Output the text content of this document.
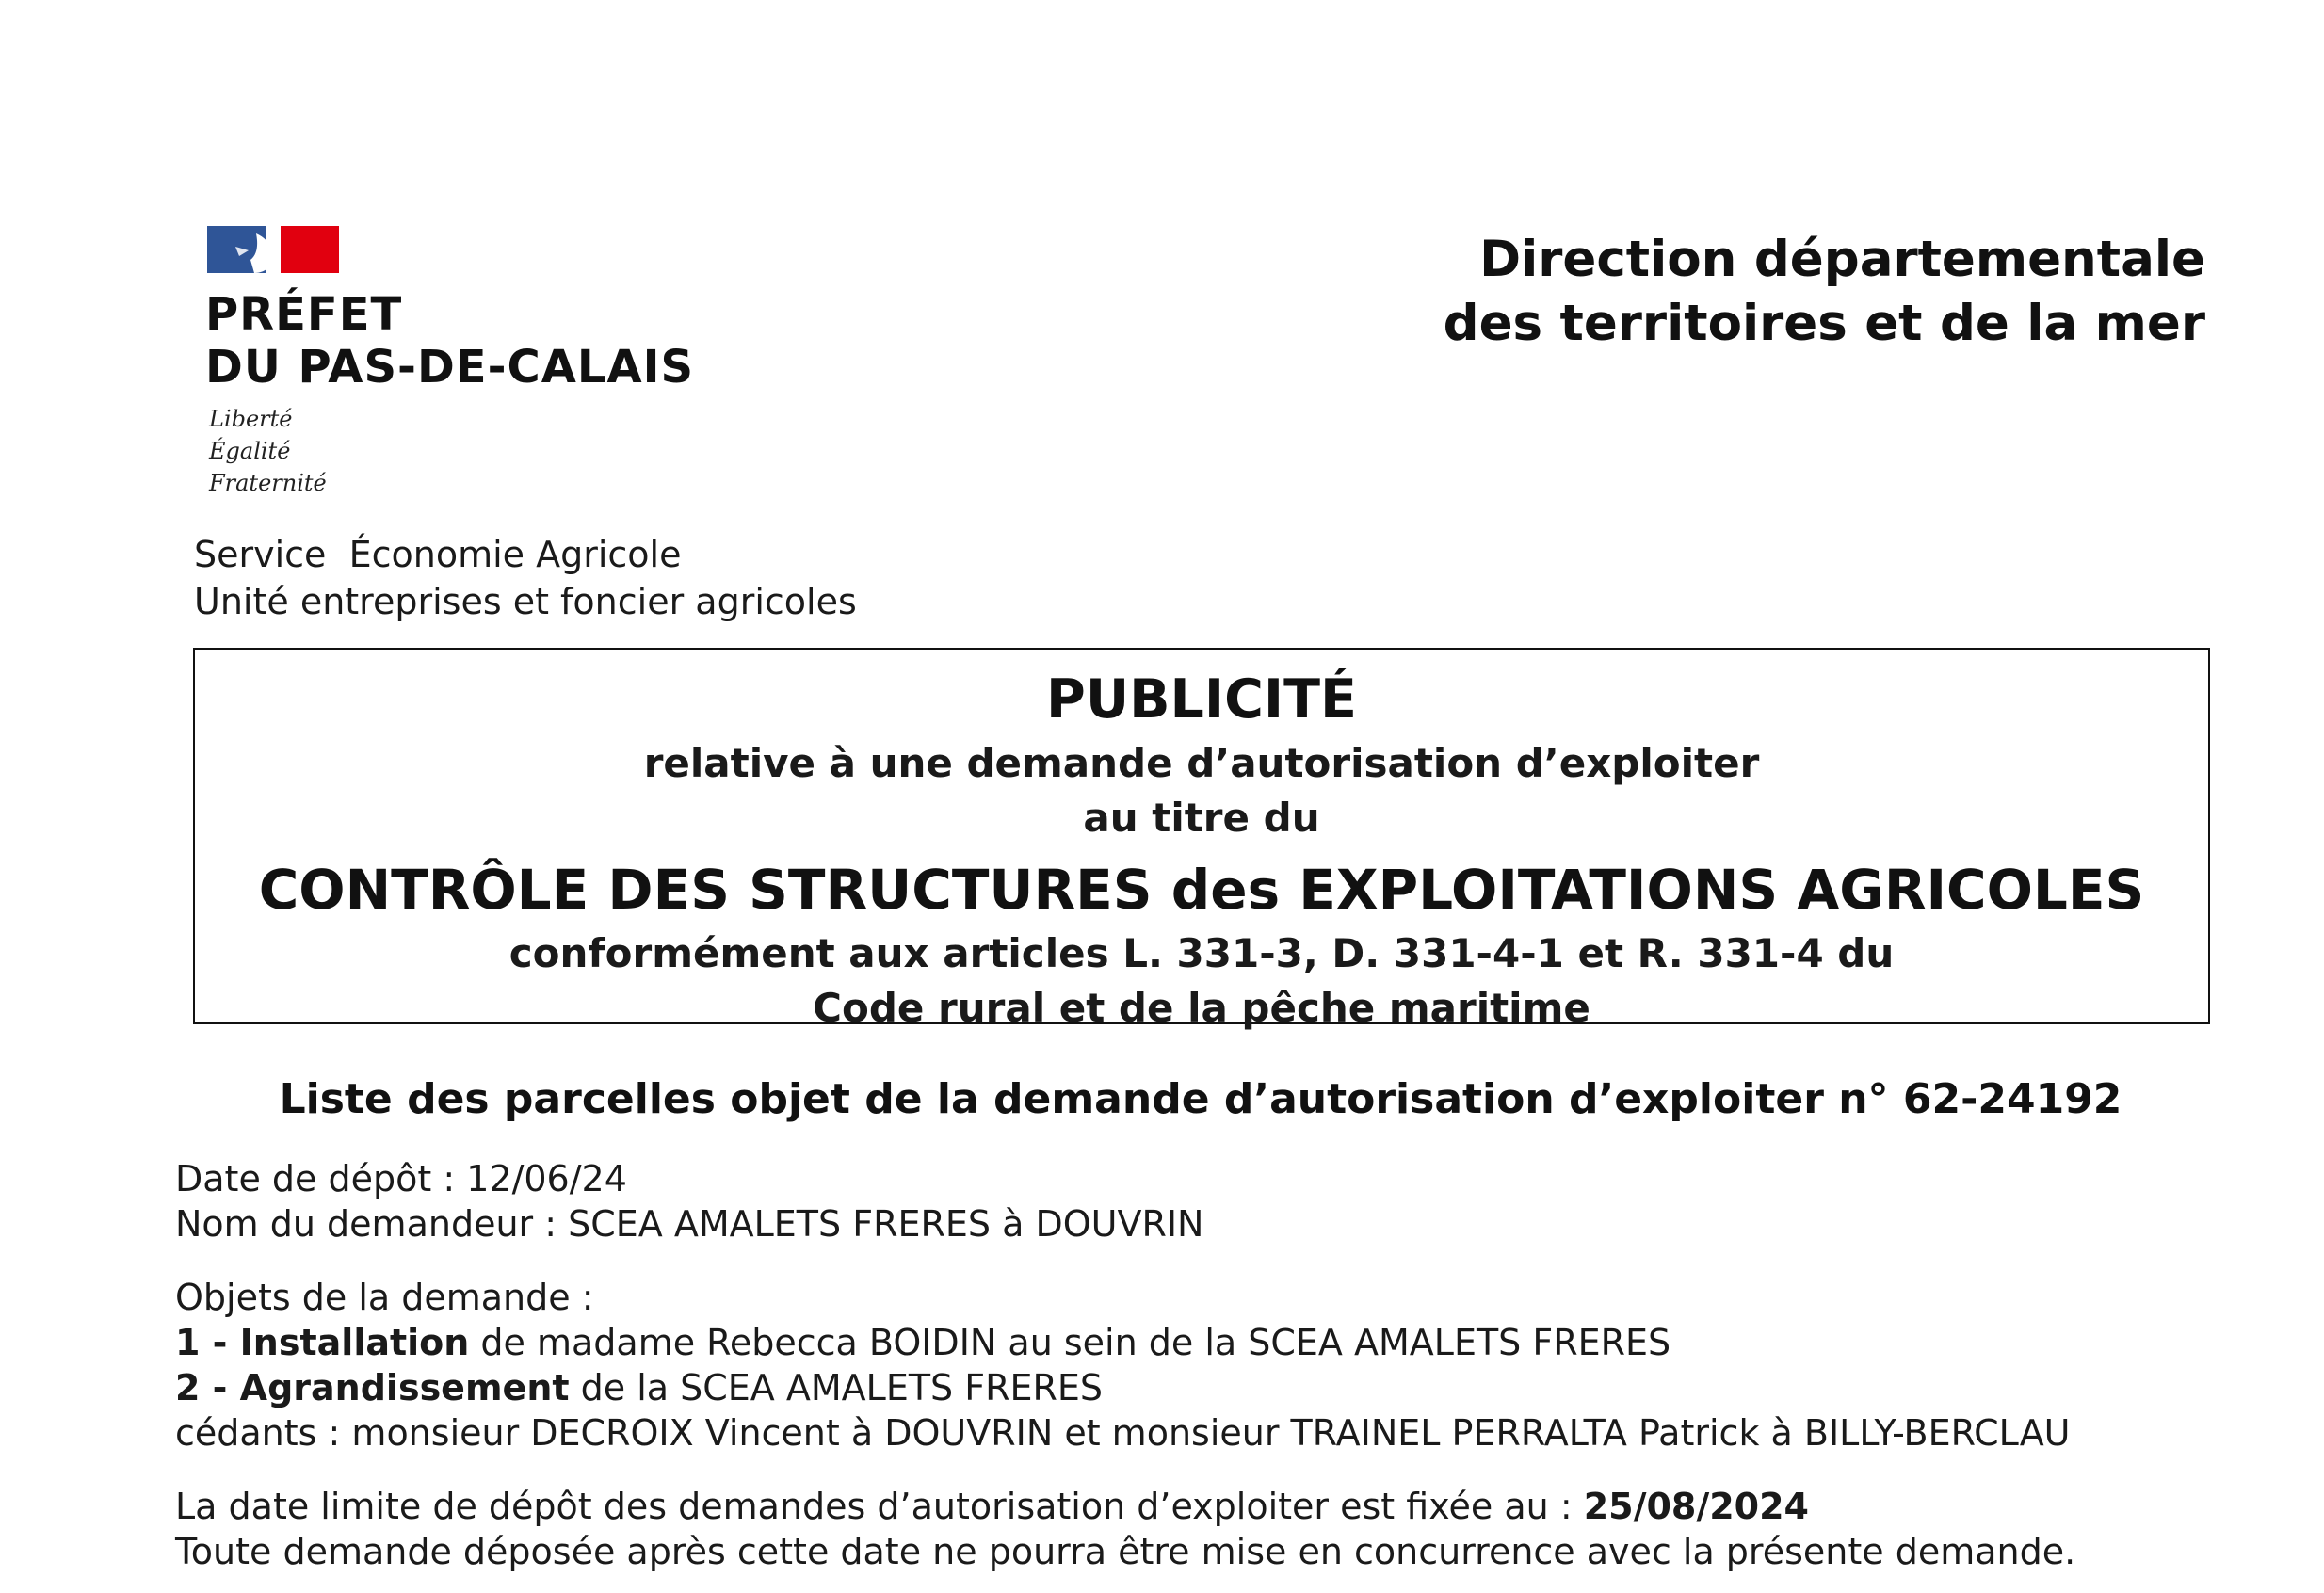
PRÉFET
DU PAS-DE-CALAIS
Liberté
Égalité
Fraternité
Direction départementale
des territoires et de la mer
Service  Économie Agricole
Unité entreprises et foncier agricoles
PUBLICITÉ
relative à une demande d’autorisation d’exploiter
au titre du
CONTRÔLE DES STRUCTURES des EXPLOITATIONS AGRICOLES
conformément aux articles L. 331-3, D. 331-4-1 et R. 331-4 du
Code rural et de la pêche maritime
Liste des parcelles objet de la demande d’autorisation d’exploiter n° 62-24192
Date de dépôt : 12/06/24
Nom du demandeur : SCEA AMALETS FRERES à DOUVRIN
Objets de la demande :
1 - Installation de madame Rebecca BOIDIN au sein de la SCEA AMALETS FRERES
2 - Agrandissement de la SCEA AMALETS FRERES
cédants : monsieur DECROIX Vincent à DOUVRIN et monsieur TRAINEL PERRALTA Patrick à BILLY-BERCLAU
La date limite de dépôt des demandes d’autorisation d’exploiter est fixée au : 25/08/2024
Toute demande déposée après cette date ne pourra être mise en concurrence avec la présente demande.
